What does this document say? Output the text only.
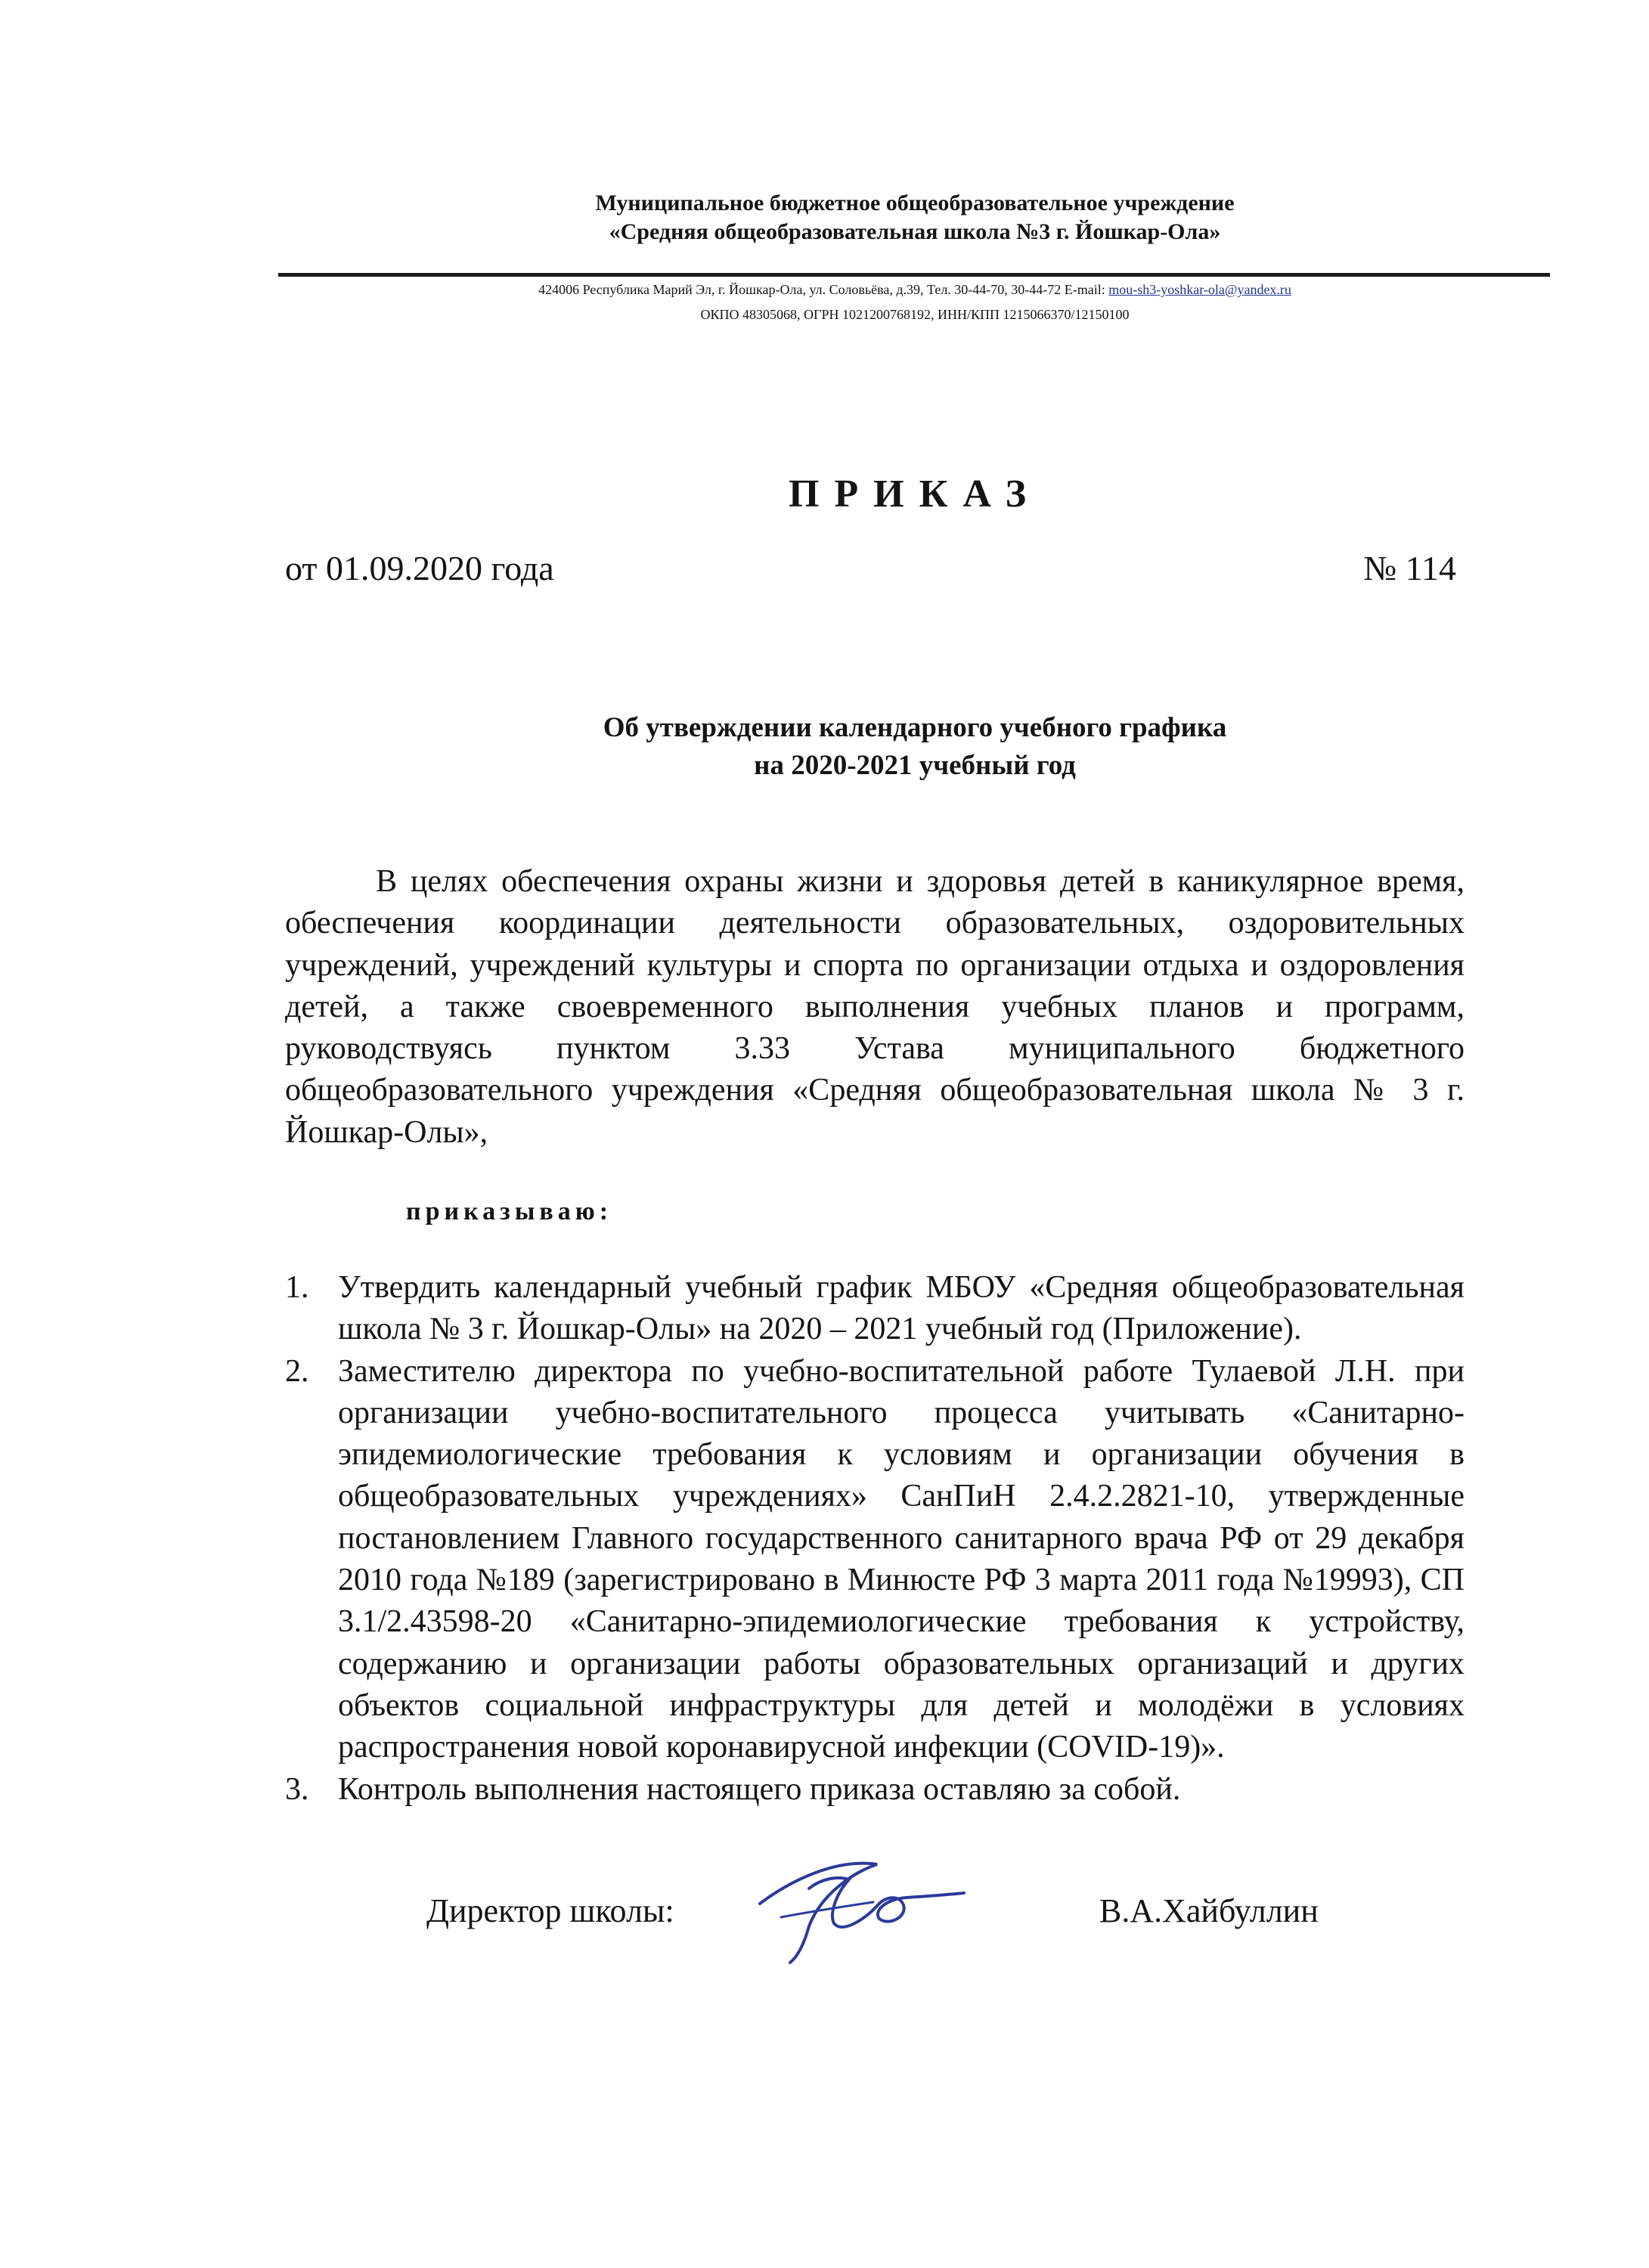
Муниципальное бюджетное общеобразовательное учреждение
«Средняя общеобразовательная школа №3 г. Йошкар-Ола»
424006 Республика Марий Эл, г. Йошкар-Ола, ул. Соловьёва, д.39, Тел. 30-44-70, 30-44-72 E-mail: mou-sh3-yoshkar-ola@yandex.ru
ОКПО 48305068, ОГРН 1021200768192, ИНН/КПП 1215066370/12150100
ПРИКАЗ
от 01.09.2020 года	№ 114
Об утверждении календарного учебного графика
на 2020-2021 учебный год
В целях обеспечения охраны жизни и здоровья детей в каникулярное время, обеспечения координации деятельности образовательных, оздоровительных учреждений, учреждений культуры и спорта по организации отдыха и оздоровления детей, а также своевременного выполнения учебных планов и программ, руководствуясь пунктом 3.33 Устава муниципального бюджетного общеобразовательного учреждения «Средняя общеобразовательная школа № 3 г. Йошкар-Олы»,
приказываю:
1. Утвердить календарный учебный график МБОУ «Средняя общеобразовательная школа № 3 г. Йошкар-Олы» на 2020 – 2021 учебный год (Приложение).
2. Заместителю директора по учебно-воспитательной работе Тулаевой Л.Н. при организации учебно-воспитательного процесса учитывать «Санитарно-эпидемиологические требования к условиям и организации обучения в общеобразовательных учреждениях» СанПиН 2.4.2.2821-10, утвержденные постановлением Главного государственного санитарного врача РФ от 29 декабря 2010 года №189 (зарегистрировано в Минюсте РФ 3 марта 2011 года №19993), СП 3.1/2.43598-20 «Санитарно-эпидемиологические требования к устройству, содержанию и организации работы образовательных организаций и других объектов социальной инфраструктуры для детей и молодёжи в условиях распространения новой коронавирусной инфекции (COVID-19)».
3. Контроль выполнения настоящего приказа оставляю за собой.
Директор школы:	В.А.Хайбуллин
